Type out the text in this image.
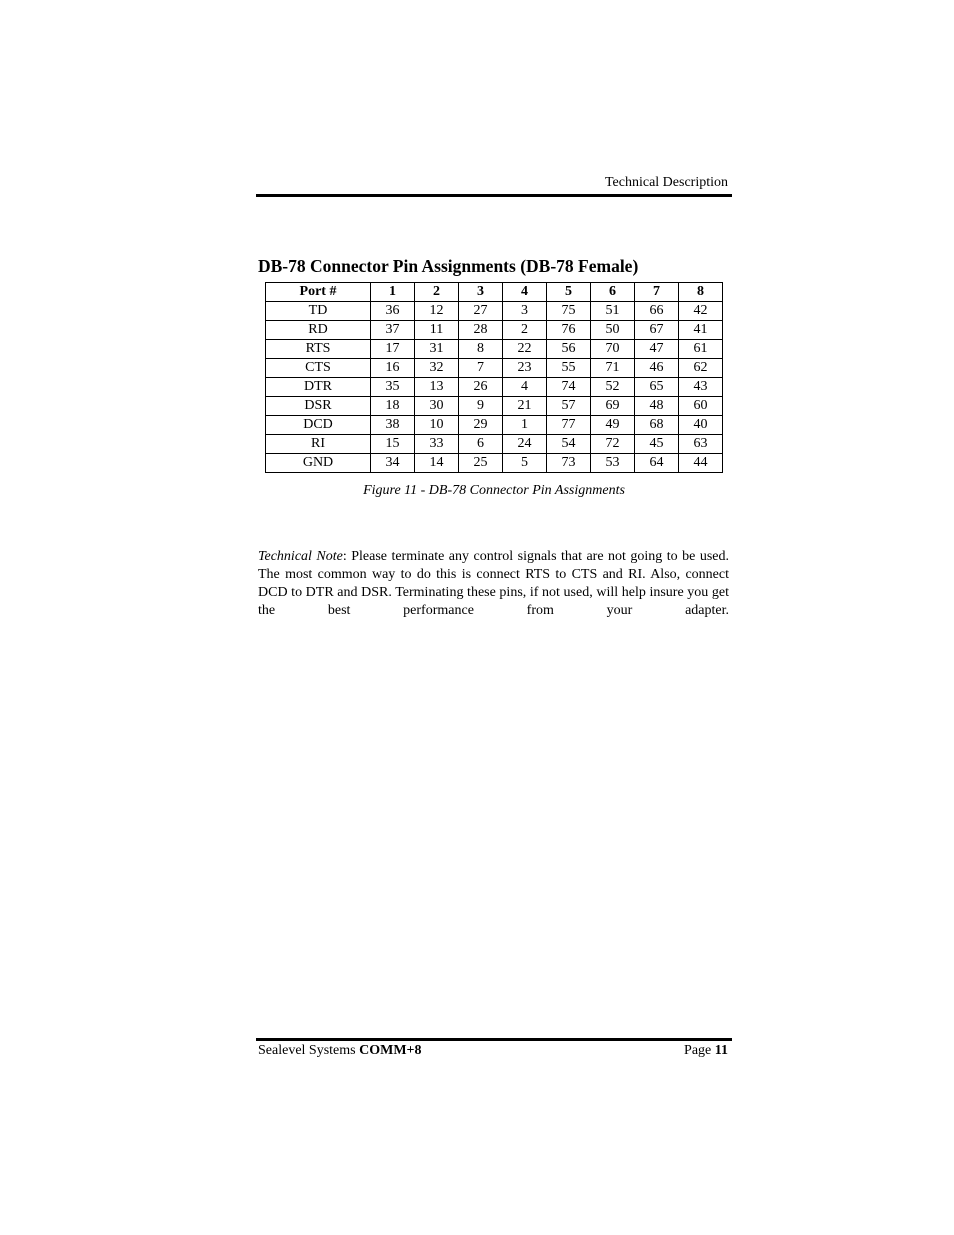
Technical Description
DB-78 Connector Pin Assignments (DB-78 Female)
Port #	1	2	3	4	5	6	7	8
TD	36	12	27	3	75	51	66	42
RD	37	11	28	2	76	50	67	41
RTS	17	31	8	22	56	70	47	61
CTS	16	32	7	23	55	71	46	62
DTR	35	13	26	4	74	52	65	43
DSR	18	30	9	21	57	69	48	60
DCD	38	10	29	1	77	49	68	40
RI	15	33	6	24	54	72	45	63
GND	34	14	25	5	73	53	64	44
Figure 11 - DB-78 Connector Pin Assignments
Technical Note: Please terminate any control signals that are not going to be used. The most common way to do this is connect RTS to CTS and RI. Also, connect DCD to DTR and DSR. Terminating these pins, if not used, will help insure you get the best performance from your adapter.
Sealevel Systems COMM+8	Page 11
